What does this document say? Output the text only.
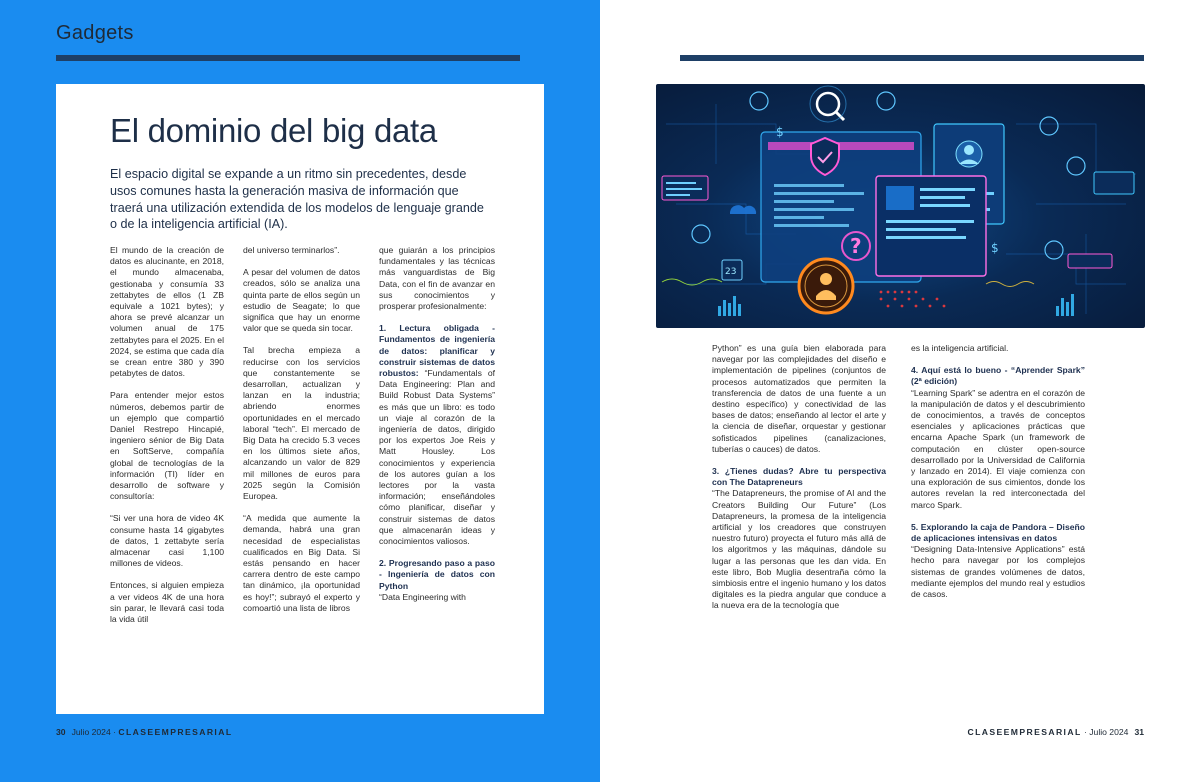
Gadgets
El dominio del big data

El espacio digital se expande a un ritmo sin precedentes, desde usos comunes hasta la generación masiva de información que traerá una utilización extendida de los modelos de lenguaje grande o de la inteligencia artificial (IA).

El mundo de la creación de datos es alucinante, en 2018, el mundo almacenaba, gestionaba y consumía 33 zettabytes de ellos (1 ZB equivale a 1021 bytes); y ahora se prevé alcanzar un volumen anual de 175 zettabytes para el 2025. En el 2024, se estima que cada día se crean entre 380 y 390 petabytes de datos.

Para entender mejor estos números, debemos partir de un ejemplo que compartió Daniel Restrepo Hincapié, ingeniero sénior de Big Data en SoftServe, compañía global de tecnologías de la información (TI) líder en desarrollo de software y consultoría:

“Si ver una hora de video 4K consume hasta 14 gigabytes de datos, 1 zettabyte sería almacenar casi 1,100 millones de videos.

Entonces, si alguien empieza a ver videos 4K de una hora sin parar, le llevará casi toda la vida útil

del universo terminarlos”.

A pesar del volumen de datos creados, sólo se analiza una quinta parte de ellos según un estudio de Seagate; lo que significa que hay un enorme valor que se queda sin tocar.

Tal brecha empieza a reducirse con los servicios que constantemente se desarrollan, actualizan y lanzan en la industria; abriendo enormes oportunidades en el mercado laboral “tech”. El mercado de Big Data ha crecido 5.3 veces en los últimos siete años, alcanzando un valor de 829 mil millones de euros para 2025 según la Comisión Europea.

“A medida que aumente la demanda, habrá una gran necesidad de especialistas cualificados en Big Data. Si estás pensando en hacer carrera dentro de este campo tan dinámico, ¡la oportunidad es hoy!”; subrayó el experto y comoartió una lista de libros

que guiarán a los principios fundamentales y las técnicas más vanguardistas de Big Data, con el fin de avanzar en sus conocimientos y prosperar profesionalmente:

1. Lectura obligada - Fundamentos de ingeniería de datos: planificar y construir sistemas de datos robustos: “Fundamentals of Data Engineering: Plan and Build Robust Data Systems” es más que un libro: es todo un viaje al corazón de la ingeniería de datos, dirigido por los expertos Joe Reis y Matt Housley. Los conocimientos y experiencia de los autores guían a los lectores por la vasta información; enseñándoles cómo planificar, diseñar y construir sistemas de datos que almacenarán ideas y conocimientos valiosos.

2. Progresando paso a paso - Ingeniería de datos con Python
“Data Engineering with

30 Julio 2024 · CLASEEMPRESARIAL
?
$
$
23

Python” es una guía bien elaborada para navegar por las complejidades del diseño e implementación de pipelines (conjuntos de procesos automatizados que permiten la transferencia de datos de una fuente a un destino específico) y conectividad de las bases de datos; enseñando al lector el arte y la ciencia de diseñar, orquestar y gestionar sofisticados pipelines (canalizaciones, tuberías o cauces) de datos.

3. ¿Tienes dudas? Abre tu perspectiva con The Datapreneurs
“The Datapreneurs, the promise of AI and the Creators Building Our Future” (Los Datapreneurs, la promesa de la inteligencia artificial y los creadores que construyen nuestro futuro) proyecta el futuro más allá de los algoritmos y las máquinas, dándole su lugar a las personas que les dan vida. En este libro, Bob Muglia desentraña cómo la simbiosis entre el ingenio humano y los datos digitales es la piedra angular que conduce a la nueva era de la tecnología que

es la inteligencia artificial.

4. Aquí está lo bueno - “Aprender Spark” (2ª edición)
“Learning Spark” se adentra en el corazón de la manipulación de datos y el descubrimiento de conocimientos, a través de conceptos esenciales y aplicaciones prácticas que encarna Apache Spark (un framework de computación en clúster open-source desarrollado por la Universidad de California y lanzado en 2014). El viaje comienza con una exploración de sus cimientos, donde los autores revelan la red interconectada del marco Spark.

5. Explorando la caja de Pandora – Diseño de aplicaciones intensivas en datos
“Designing Data-Intensive Applications” está hecho para navegar por los complejos sistemas de grandes volúmenes de datos, mediante ejemplos del mundo real y estudios de casos.

CLASEEMPRESARIAL · Julio 2024 31
